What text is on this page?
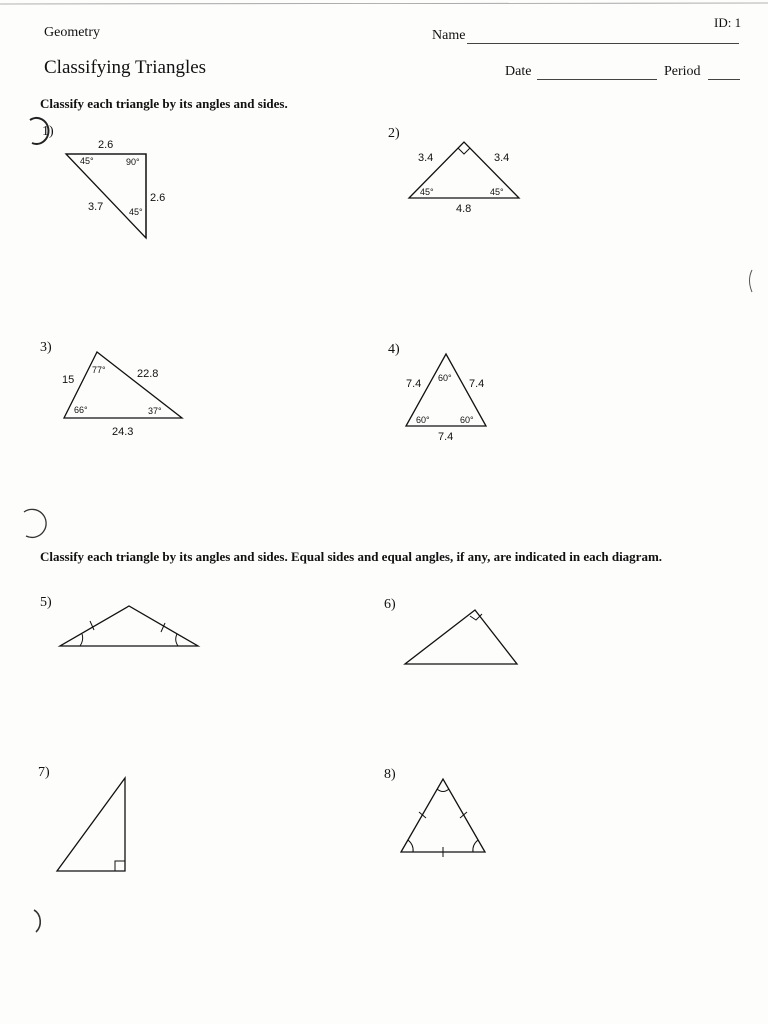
Geometry
Classifying Triangles
Name
ID: 1
Date	Period
Classify each triangle by its angles and sides.
Classify each triangle by its angles and sides. Equal sides and equal angles, if any, are indicated in each diagram.
1)	2)
3)	4)
5)	6)
7)	8)
2.6
2.6
3.7
45°	90°
45°
3.4	3.4
4.8
45°	45°
15	22.8
24.3
77°
66°	37°
7.4	7.4
7.4
60°
60°	60°
